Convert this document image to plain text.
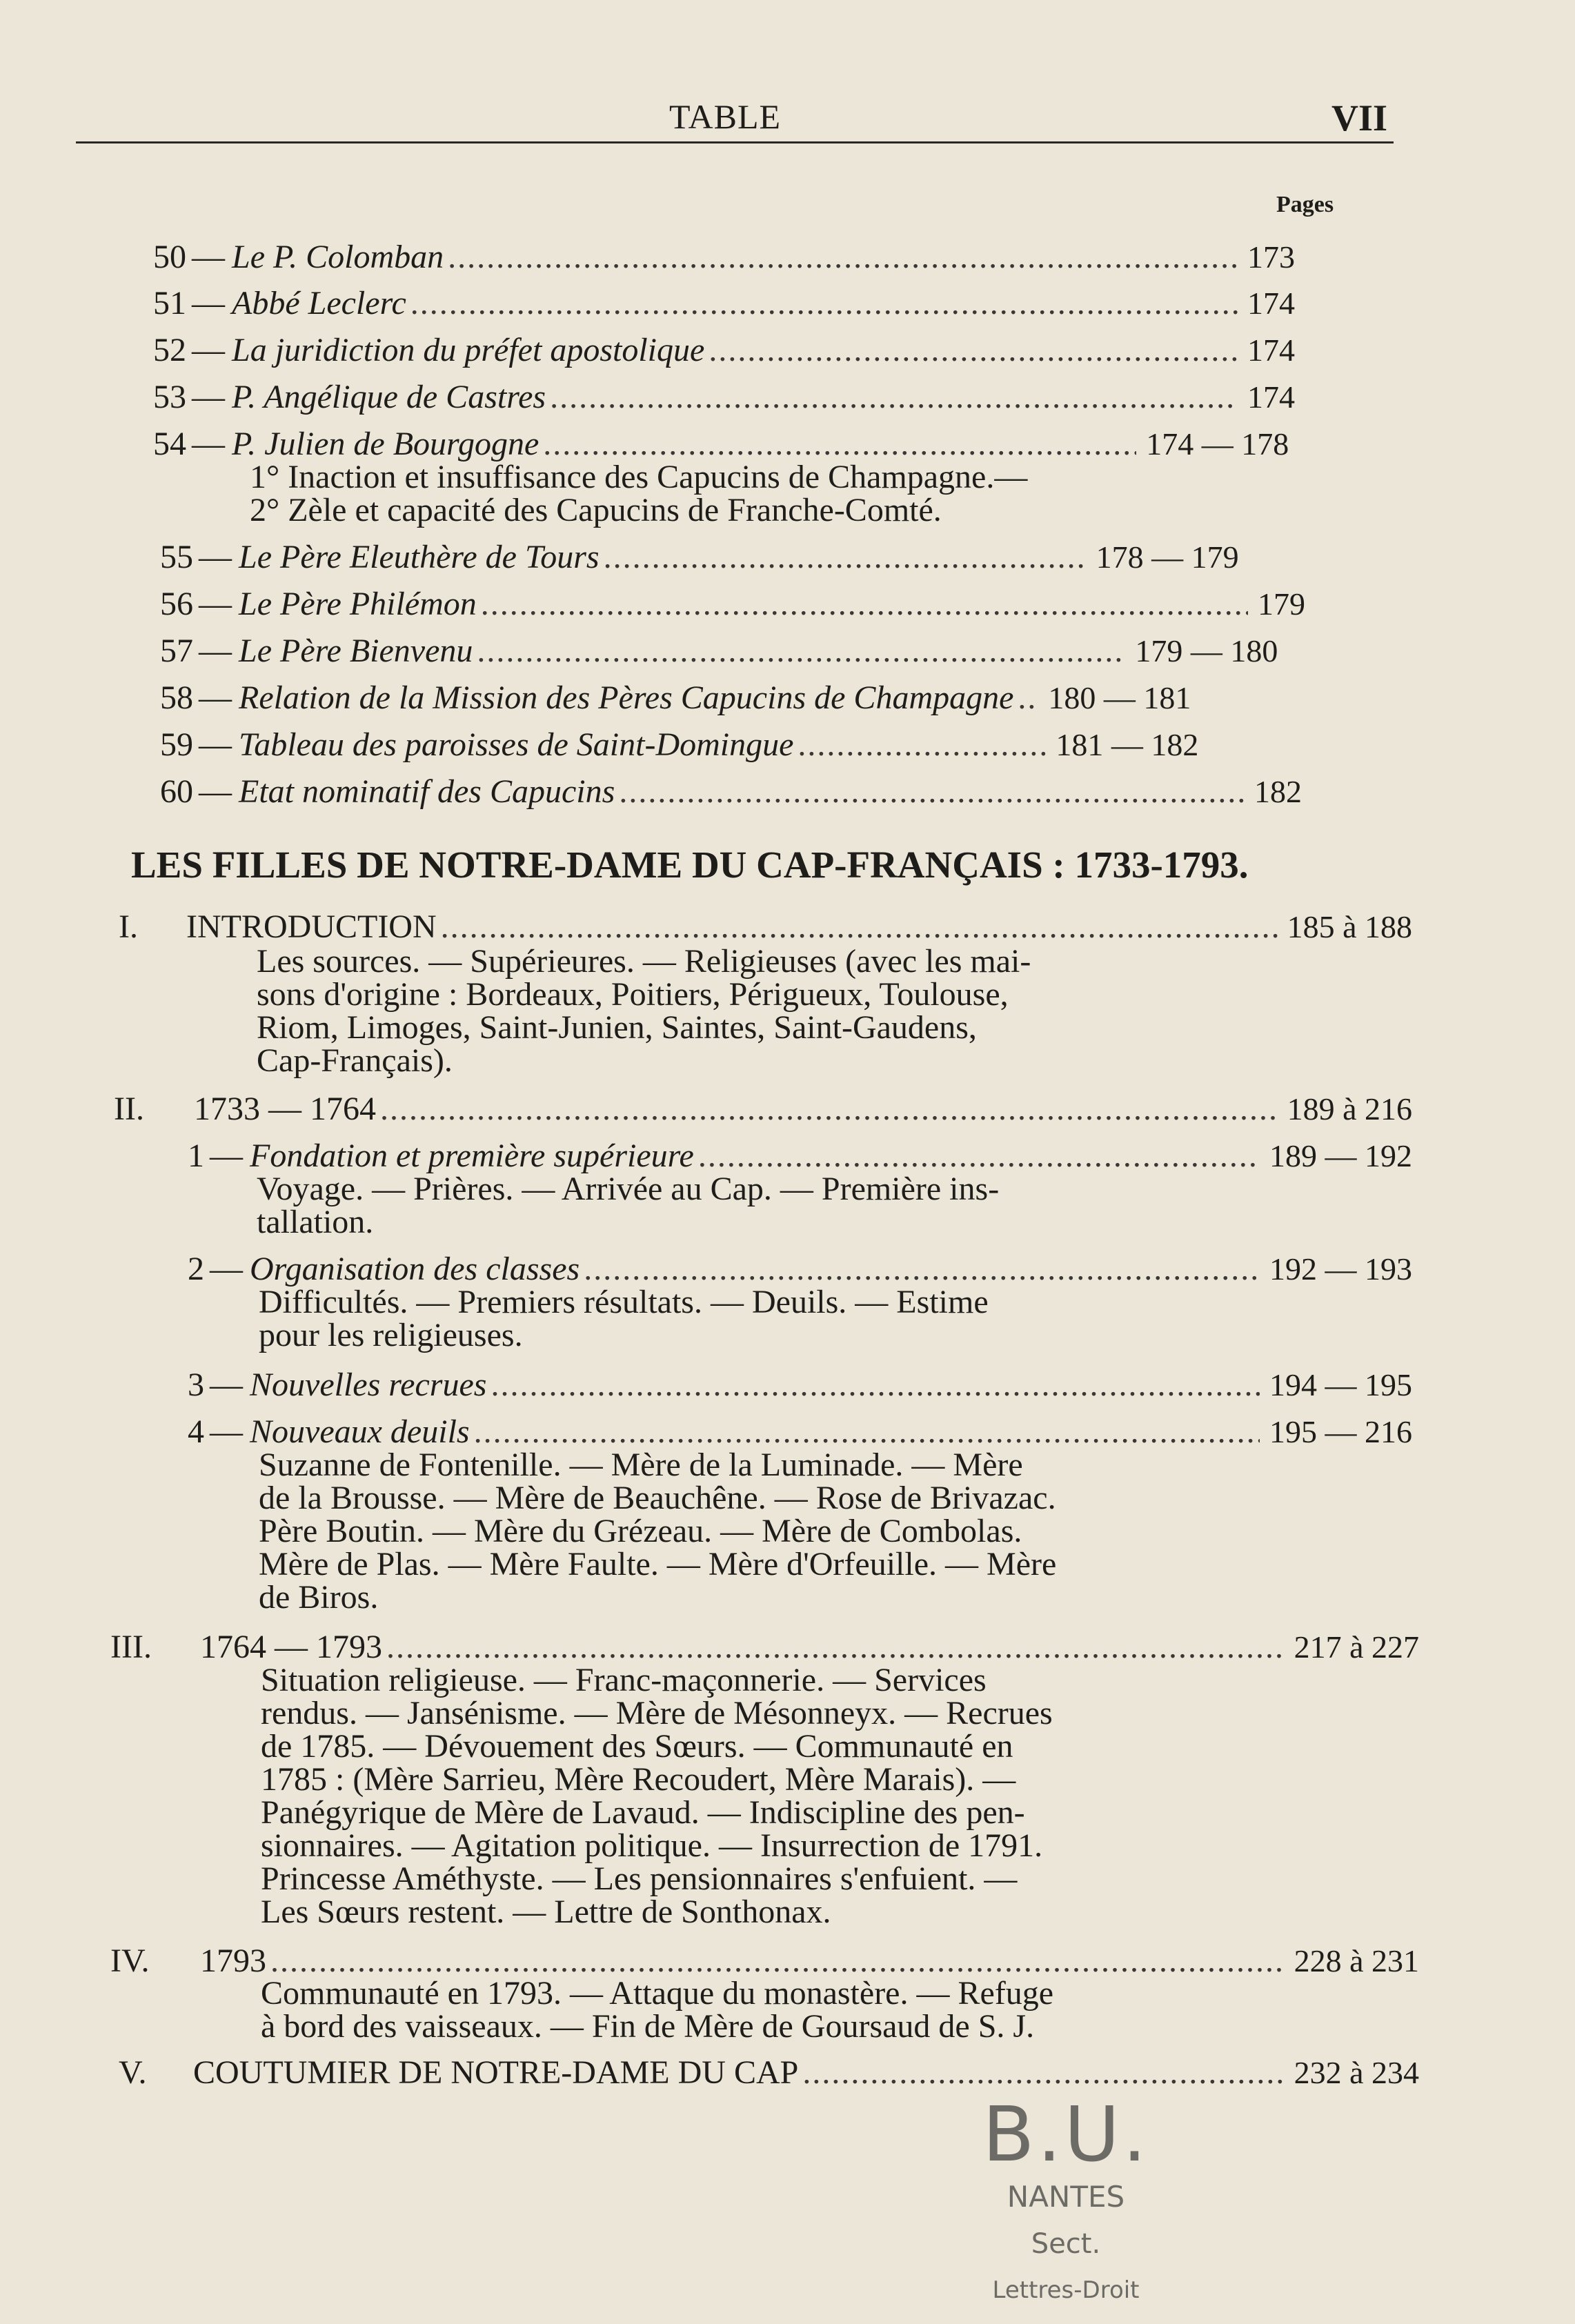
TABLE	VII
Pages
50 — Le P. Colomban .....	173
51 — Abbé Leclerc .....	174
52 — La juridiction du préfet apostolique .....	174
53 — P. Angélique de Castres .....	174
54 — P. Julien de Bourgogne .....	174 — 178
1° Inaction et insuffisance des Capucins de Champagne.—
2° Zèle et capacité des Capucins de Franche-Comté.
55 — Le Père Eleuthère de Tours .....	178 — 179
56 — Le Père Philémon .....	179
57 — Le Père Bienvenu .....	179 — 180
58 — Relation de la Mission des Pères Capucins de Champagne ..... 180 — 181
59 — Tableau des paroisses de Saint-Domingue .....	181 — 182
60 — Etat nominatif des Capucins .....	182
LES FILLES DE NOTRE-DAME DU CAP-FRANÇAIS : 1733-1793.
I.	INTRODUCTION .....	185 à 188
Les sources. — Supérieures. — Religieuses (avec les mai-
sons d'origine : Bordeaux, Poitiers, Périgueux, Toulouse,
Riom, Limoges, Saint-Junien, Saintes, Saint-Gaudens,
Cap-Français).
II.	1733 — 1764 .....	189 à 216
1 — Fondation et première supérieure .....	189 — 192
Voyage. — Prières. — Arrivée au Cap. — Première ins-
tallation.
2 — Organisation des classes .....	192 — 193
Difficultés. — Premiers résultats. — Deuils. — Estime
pour les religieuses.
3 — Nouvelles recrues .....	194 — 195
4 — Nouveaux deuils .....	195 — 216
Suzanne de Fontenille. — Mère de la Luminade. — Mère
de la Brousse. — Mère de Beauchêne. — Rose de Brivazac.
Père Boutin. — Mère du Grézeau. — Mère de Combolas.
Mère de Plas. — Mère Faulte. — Mère d'Orfeuille. — Mère
de Biros.
III.	1764 — 1793 .....	217 à 227
Situation religieuse. — Franc-maçonnerie. — Services
rendus. — Jansénisme. — Mère de Mésonneyx. — Recrues
de 1785. — Dévouement des Sœurs. — Communauté en
1785 : (Mère Sarrieu, Mère Recoudert, Mère Marais). —
Panégyrique de Mère de Lavaud. — Indiscipline des pen-
sionnaires. — Agitation politique. — Insurrection de 1791.
Princesse Améthyste. — Les pensionnaires s'enfuient. —
Les Sœurs restent. — Lettre de Sonthonax.
IV.	1793 .....	228 à 231
Communauté en 1793. — Attaque du monastère. — Refuge
à bord des vaisseaux. — Fin de Mère de Goursaud de S. J.
V.	COUTUMIER DE NOTRE-DAME DU CAP .....	232 à 234
B.U.
NANTES
Sect.
Lettres-Droit
